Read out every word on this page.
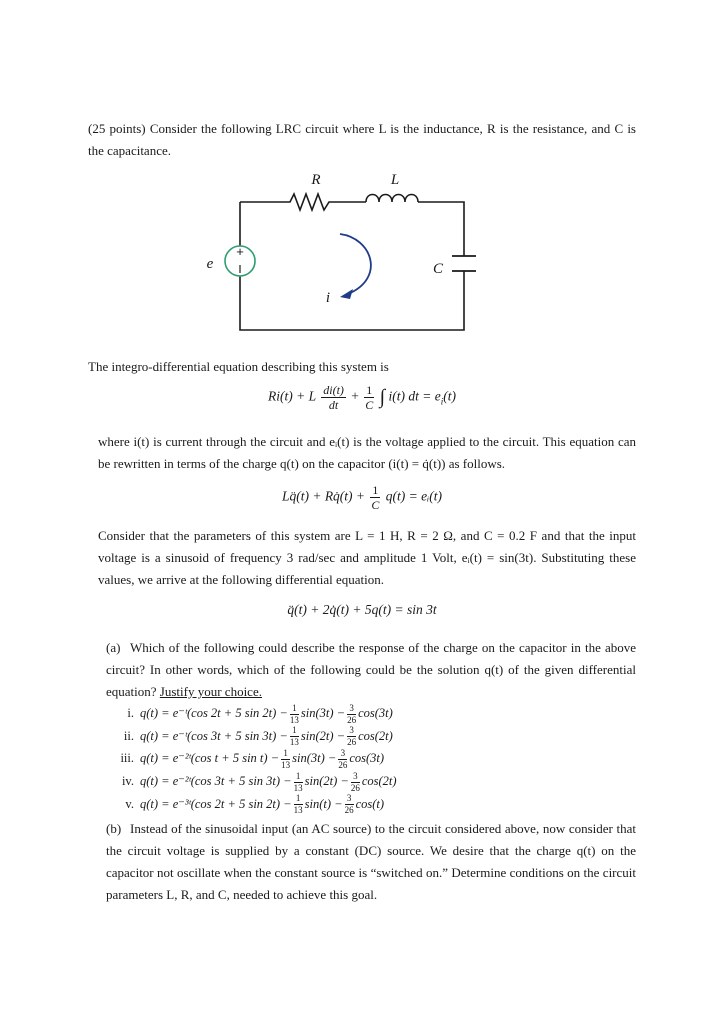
(25 points) Consider the following LRC circuit where L is the inductance, R is the resistance, and C is the capacitance.
+
R	L
C
e
i
The integro-differential equation describing this system is
Ri(t) + L $\frac{di(t)}{dt} + \frac{1}{C}$ ∫ i(t) dt = $e_i(t)$
where i(t) is current through the circuit and eᵢ(t) is the voltage applied to the circuit. This equation can be rewritten in terms of the charge q(t) on the capacitor (i(t) = q̇(t)) as follows.
Lq̈(t) + Rq̇(t) + $\frac{1}{C} q(t)$ = eᵢ(t)
Consider that the parameters of this system are L = 1 H, R = 2 Ω, and C = 0.2 F and that the input voltage is a sinusoid of frequency 3 rad/sec and amplitude 1 Volt, eᵢ(t) = sin(3t). Substituting these values, we arrive at the following differential equation.
q̈(t) + 2q̇(t) + 5q(t) = sin 3t
(a) Which of the following could describe the response of the charge on the capacitor in the above circuit? In other words, which of the following could be the solution q(t) of the given differential equation? Justify your choice.
i. q(t) = e⁻ᵗ(cos 2t + 5 $\sin 2t) - \frac{1}{13} \sin(3t) - \frac{3}{26} \cos(3t)$
ii. q(t) = e⁻ᵗ(cos 3t + 5 $\sin 3t) - \frac{1}{13} \sin(2t) - \frac{3}{26} \cos(2t)$
iii. q(t) = e⁻²ᵗ(cos t + 5 $\sin t) - \frac{1}{13} \sin(3t) - \frac{3}{26} \cos(3t)$
iv. q(t) = e⁻²ᵗ(cos 3t + 5 $\sin 3t) - \frac{1}{13} \sin(2t) - \frac{3}{26} \cos(2t)$
v. q(t) = e⁻³ᵗ(cos 2t + 5 $\sin 2t) - \frac{1}{13} \sin(t) - \frac{3}{26} \cos(t)$
(b) Instead of the sinusoidal input (an AC source) to the circuit considered above, now consider that the circuit voltage is supplied by a constant (DC) source. We desire that the charge q(t) on the capacitor not oscillate when the constant source is “switched on.” Determine conditions on the circuit parameters L, R, and C, needed to achieve this goal.
